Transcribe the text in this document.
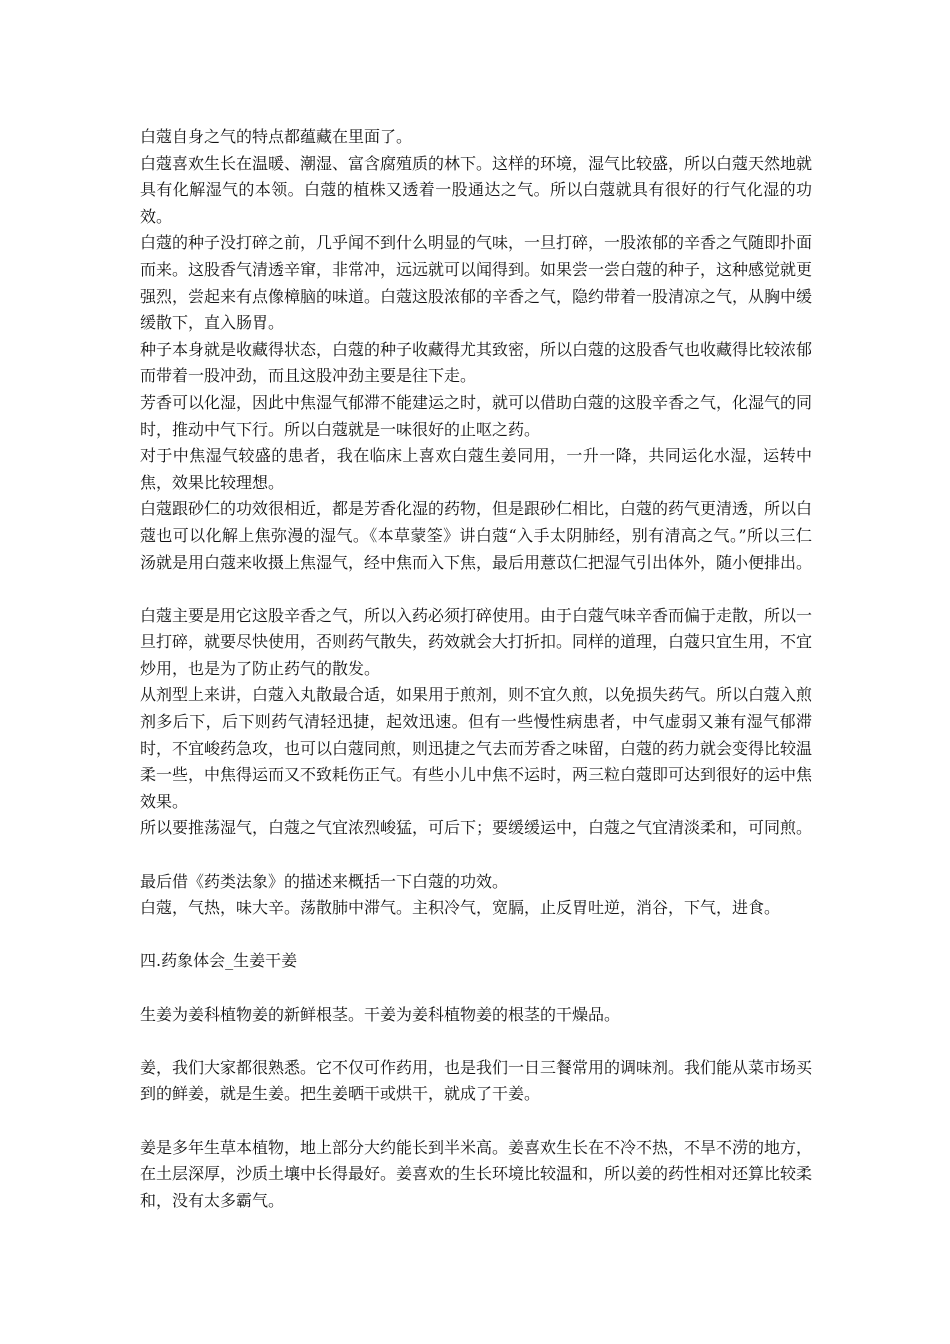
白蔻自身之气的特点都蕴藏在里面了。

白蔻喜欢生长在温暖、潮湿、富含腐殖质的林下。这样的环境，湿气比较盛，所以白蔻天然地就具有化解湿气的本领。白蔻的植株又透着一股通达之气。所以白蔻就具有很好的行气化湿的功效。

白蔻的种子没打碎之前，几乎闻不到什么明显的气味，一旦打碎，一股浓郁的辛香之气随即扑面而来。这股香气清透辛窜，非常冲，远远就可以闻得到。如果尝一尝白蔻的种子，这种感觉就更强烈，尝起来有点像樟脑的味道。白蔻这股浓郁的辛香之气，隐约带着一股清凉之气，从胸中缓缓散下，直入肠胃。

种子本身就是收藏得状态，白蔻的种子收藏得尤其致密，所以白蔻的这股香气也收藏得比较浓郁而带着一股冲劲，而且这股冲劲主要是往下走。

芳香可以化湿，因此中焦湿气郁滞不能建运之时，就可以借助白蔻的这股辛香之气，化湿气的同时，推动中气下行。所以白蔻就是一味很好的止呕之药。

对于中焦湿气较盛的患者，我在临床上喜欢白蔻生姜同用，一升一降，共同运化水湿，运转中焦，效果比较理想。

白蔻跟砂仁的功效很相近，都是芳香化湿的药物，但是跟砂仁相比，白蔻的药气更清透，所以白蔻也可以化解上焦弥漫的湿气。《本草蒙筌》讲白蔻“入手太阴肺经，别有清高之气。”所以三仁汤就是用白蔻来收摄上焦湿气，经中焦而入下焦，最后用薏苡仁把湿气引出体外，随小便排出。

白蔻主要是用它这股辛香之气，所以入药必须打碎使用。由于白蔻气味辛香而偏于走散，所以一旦打碎，就要尽快使用，否则药气散失，药效就会大打折扣。同样的道理，白蔻只宜生用，不宜炒用，也是为了防止药气的散发。

从剂型上来讲，白蔻入丸散最合适，如果用于煎剂，则不宜久煎，以免损失药气。所以白蔻入煎剂多后下，后下则药气清轻迅捷，起效迅速。但有一些慢性病患者，中气虚弱又兼有湿气郁滞时，不宜峻药急攻，也可以白蔻同煎，则迅捷之气去而芳香之味留，白蔻的药力就会变得比较温柔一些，中焦得运而又不致耗伤正气。有些小儿中焦不运时，两三粒白蔻即可达到很好的运中焦效果。

所以要推荡湿气，白蔻之气宜浓烈峻猛，可后下；要缓缓运中，白蔻之气宜清淡柔和，可同煎。

最后借《药类法象》的描述来概括一下白蔻的功效。

白蔻，气热，味大辛。荡散肺中滞气。主积冷气，宽膈，止反胃吐逆，消谷，下气，进食。

四.药象体会_生姜干姜

生姜为姜科植物姜的新鲜根茎。干姜为姜科植物姜的根茎的干燥品。

姜，我们大家都很熟悉。它不仅可作药用，也是我们一日三餐常用的调味剂。我们能从菜市场买到的鲜姜，就是生姜。把生姜晒干或烘干，就成了干姜。

姜是多年生草本植物，地上部分大约能长到半米高。姜喜欢生长在不冷不热，不旱不涝的地方，在土层深厚，沙质土壤中长得最好。姜喜欢的生长环境比较温和，所以姜的药性相对还算比较柔和，没有太多霸气。
